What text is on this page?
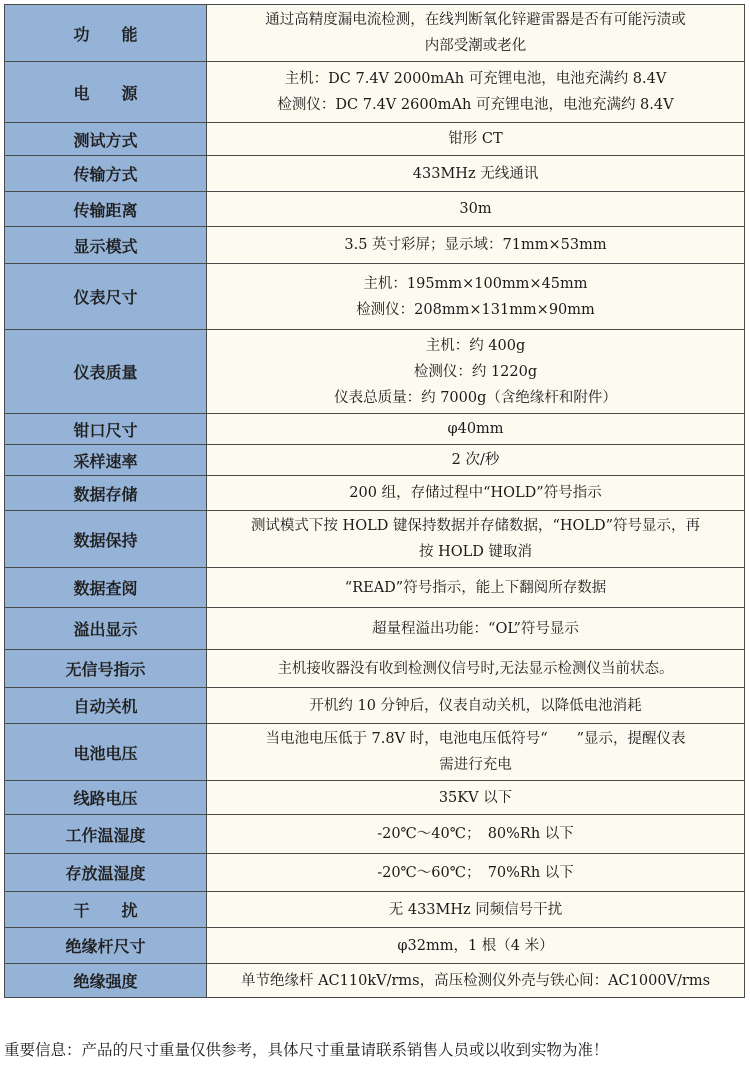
功　　能	通过高精度漏电流检测，在线判断氧化锌避雷器是否有可能污渍或
内部受潮或老化

电　　源	主机：DC 7.4V 2000mAh 可充锂电池，电池充满约 8.4V
检测仪：DC 7.4V 2600mAh 可充锂电池，电池充满约 8.4V

测试方式	钳形 CT

传输方式	433MHz 无线通讯

传输距离	30m

显示模式	3.5 英寸彩屏；显示域：71mm×53mm

仪表尺寸	主机：195mm×100mm×45mm
检测仪：208mm×131mm×90mm

仪表质量	主机：约 400g
检测仪：约 1220g
仪表总质量：约 7000g（含绝缘杆和附件）

钳口尺寸	φ40mm

采样速率	2 次/秒

数据存储	200 组，存储过程中“HOLD”符号指示

数据保持	测试模式下按 HOLD 键保持数据并存储数据，“HOLD”符号显示，再
按 HOLD 键取消

数据查阅	“READ”符号指示，能上下翻阅所存数据

溢出显示	超量程溢出功能：“OL”符号显示

无信号指示	主机接收器没有收到检测仪信号时,无法显示检测仪当前状态。

自动关机	开机约 10 分钟后，仪表自动关机，以降低电池消耗

电池电压	当电池电压低于 7.8V 时，电池电压低符号“　　”显示，提醒仪表
需进行充电

线路电压	35KV 以下

工作温湿度	-20℃～40℃；　80%Rh 以下

存放温湿度	-20℃～60℃；　70%Rh 以下

干　　扰	无 433MHz 同频信号干扰

绝缘杆尺寸	φ32mm，1 根（4 米）

绝缘强度	单节绝缘杆 AC110kV/rms，高压检测仪外壳与铁心间：AC1000V/rms
重要信息：产品的尺寸重量仅供参考，具体尺寸重量请联系销售人员或以收到实物为准！
